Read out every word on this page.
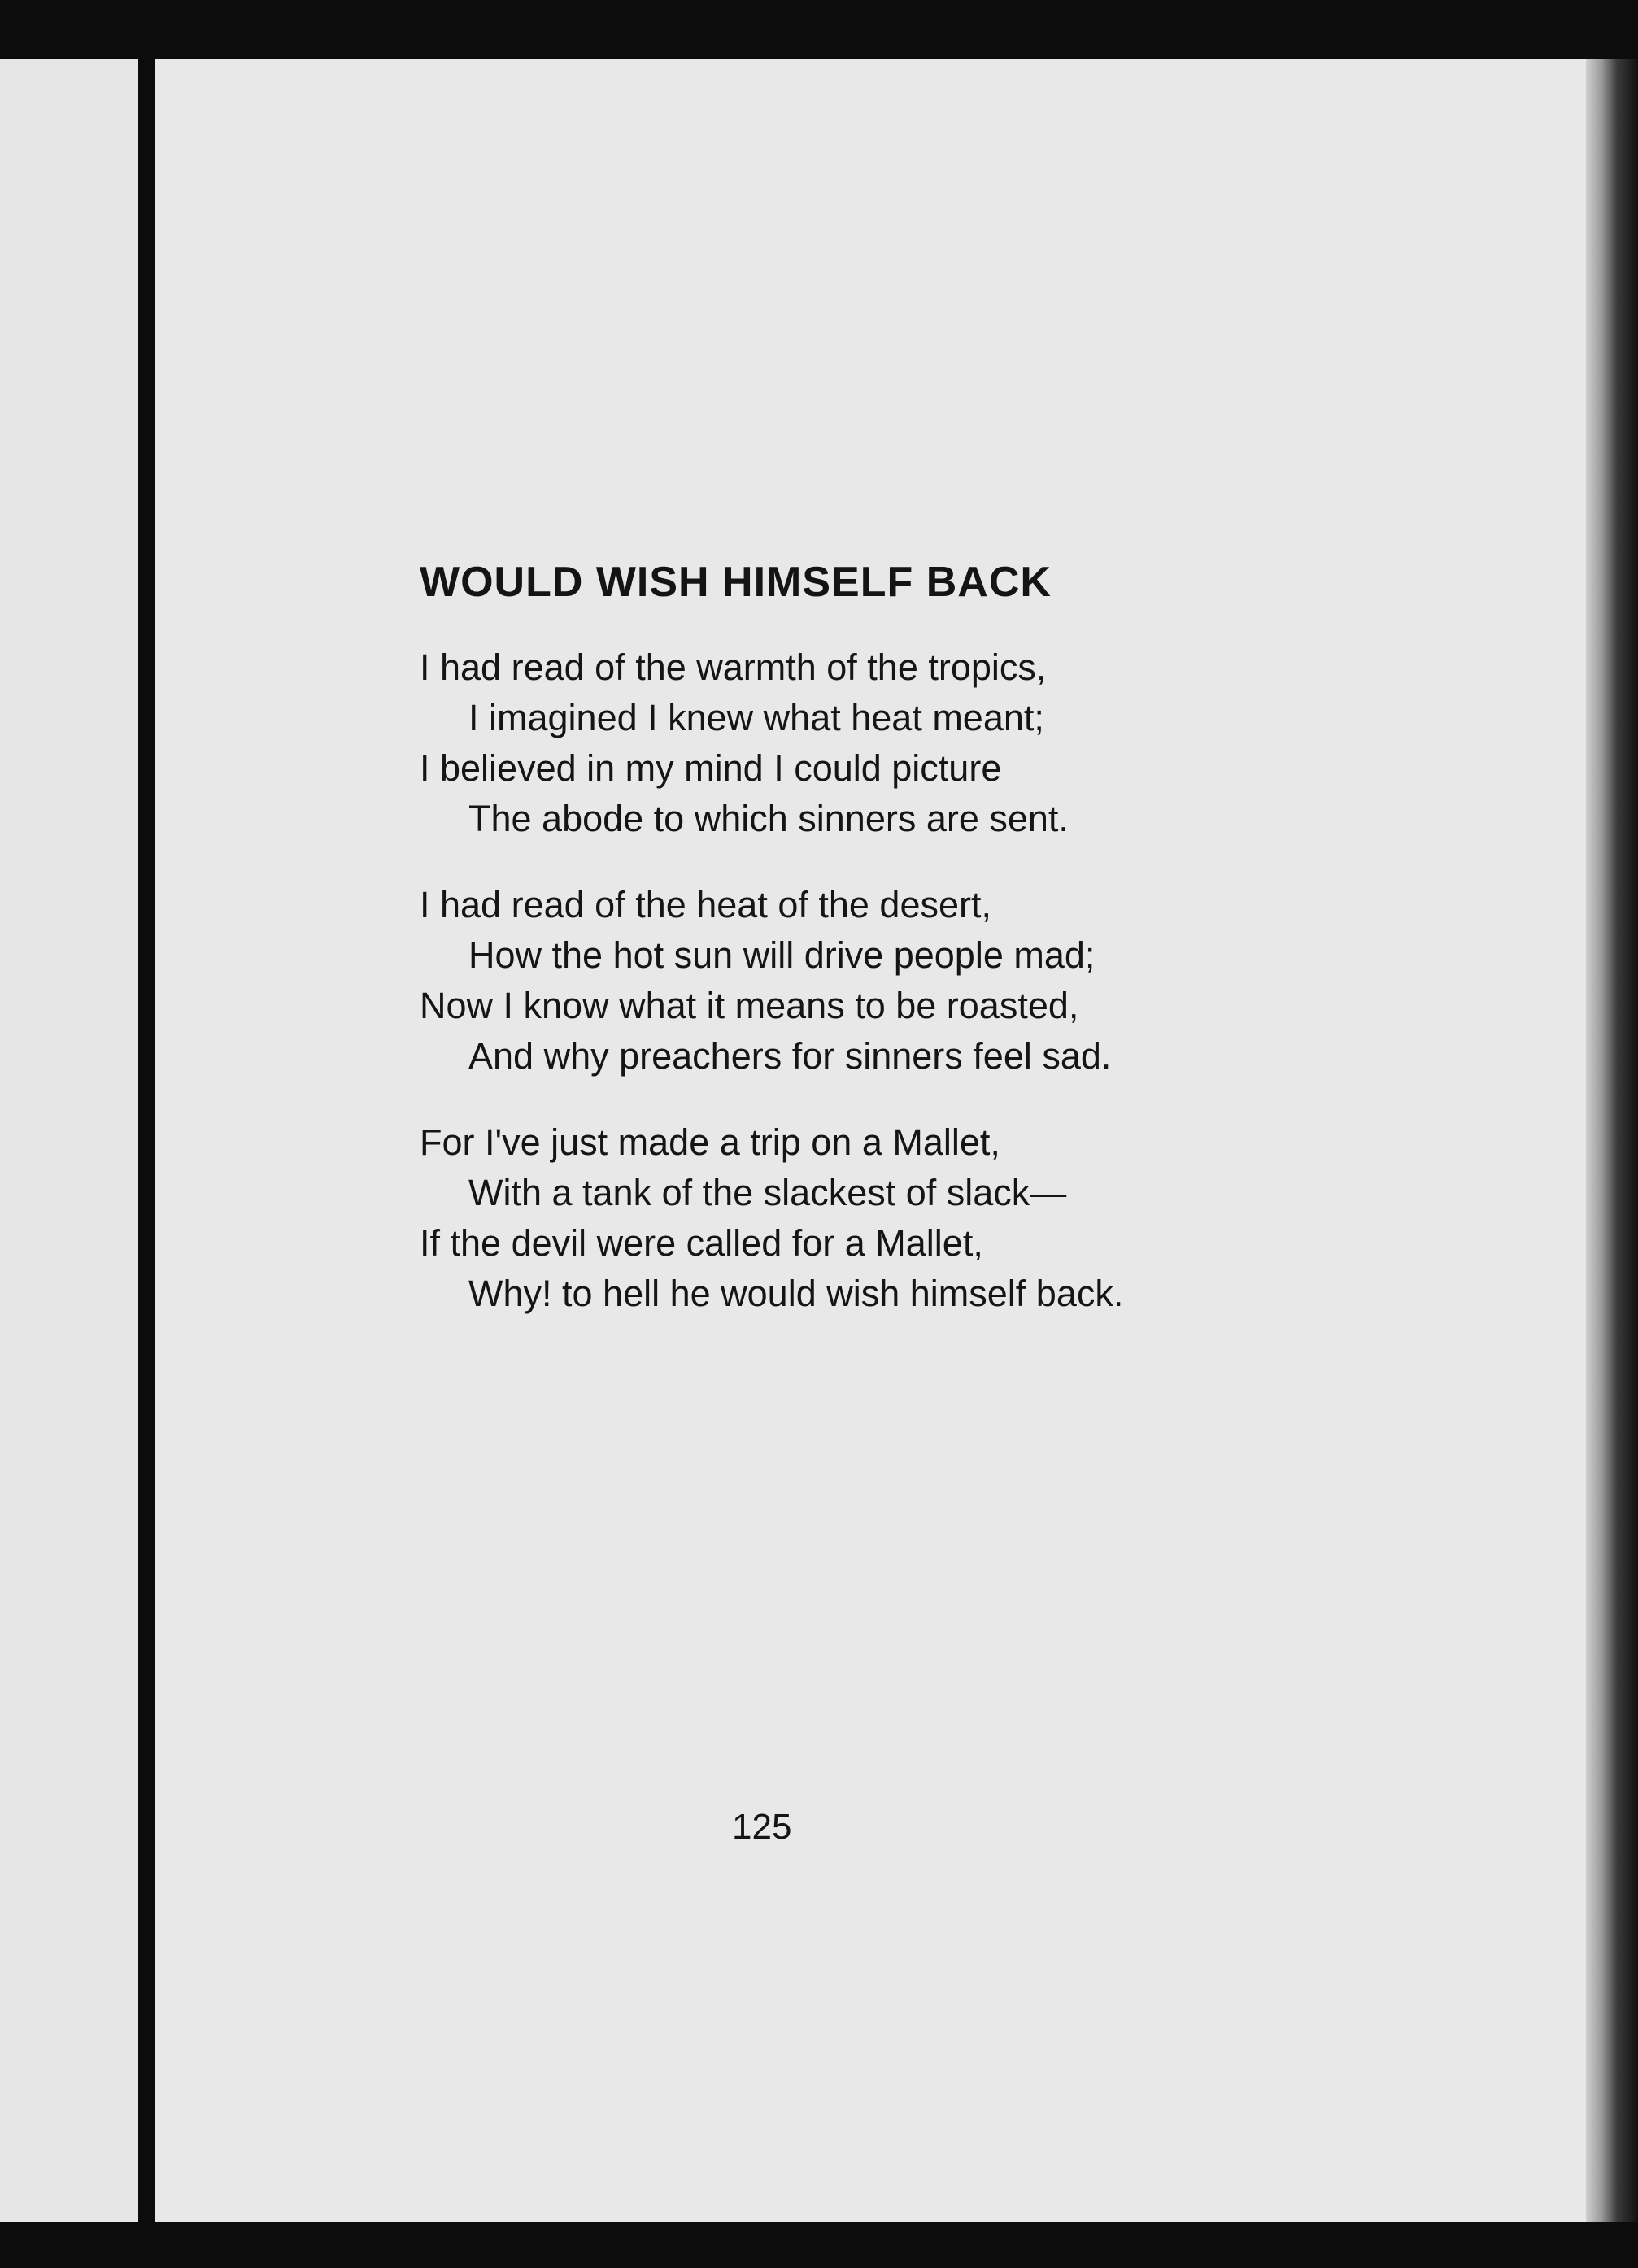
WOULD WISH HIMSELF BACK
I had read of the warmth of the tropics,
I imagined I knew what heat meant;
I believed in my mind I could picture
The abode to which sinners are sent.
I had read of the heat of the desert,
How the hot sun will drive people mad;
Now I know what it means to be roasted,
And why preachers for sinners feel sad.
For I've just made a trip on a Mallet,
With a tank of the slackest of slack—
If the devil were called for a Mallet,
Why! to hell he would wish himself back.
125
